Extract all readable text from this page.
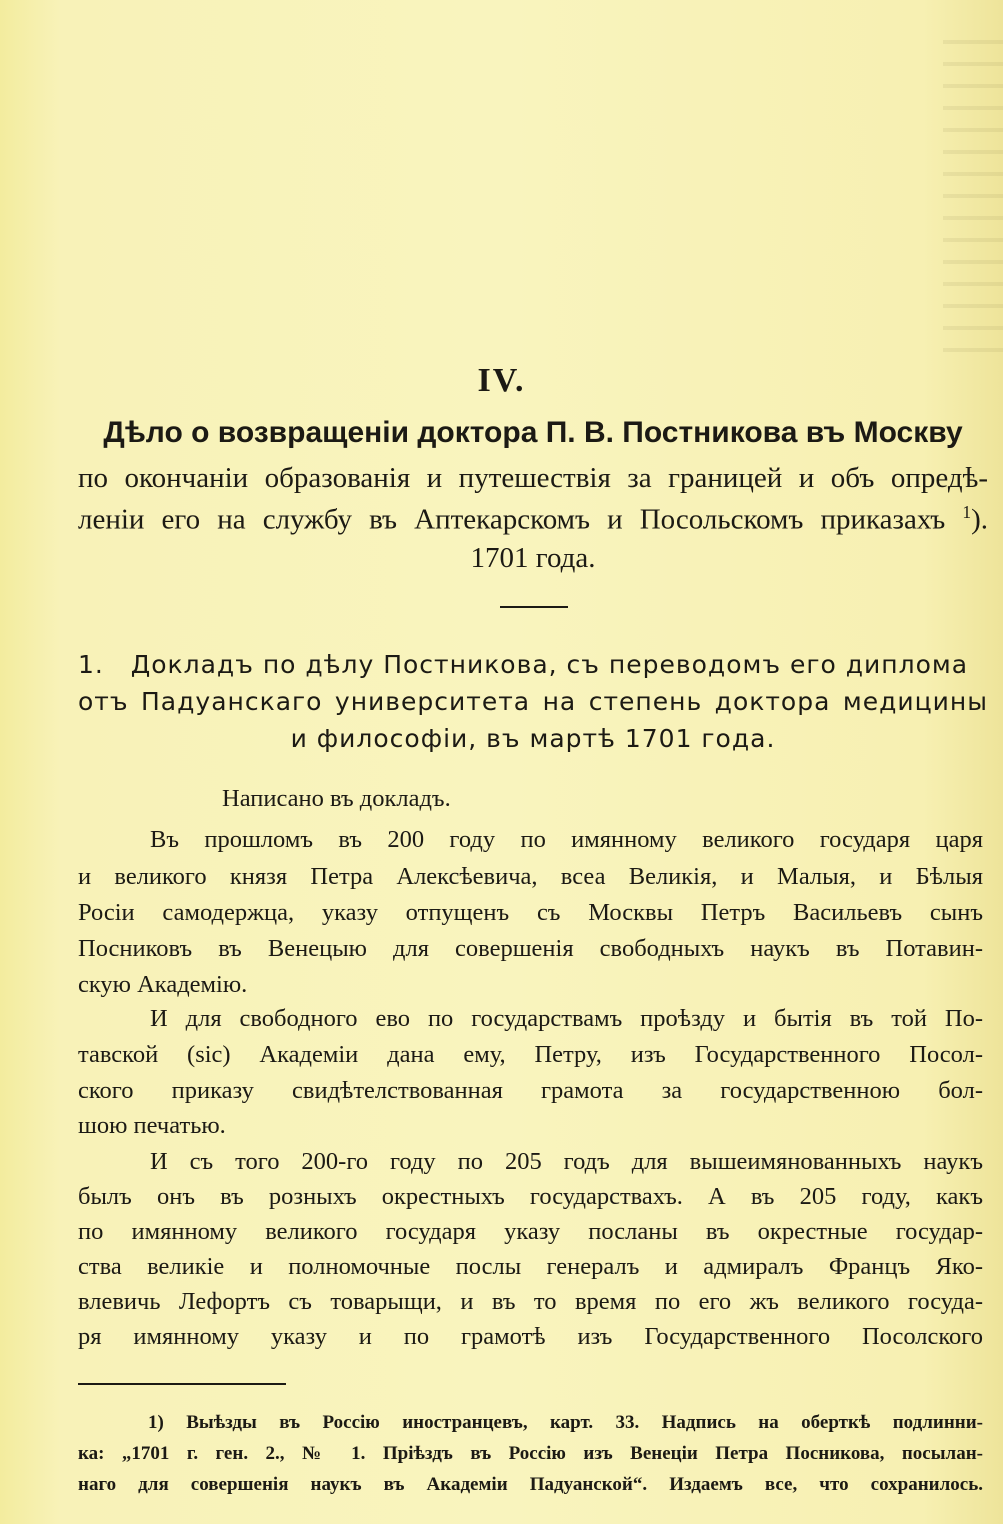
IV.
Дѣло о возвращеніи доктора П. В. Постникова въ Москву
по окончаніи образованія и путешествія за границей и объ опредѣ-
леніи его на службу въ Аптекарскомъ и Посольскомъ приказахъ $^1$).
1701 года.
1. Докладъ по дѣлу Постникова, съ переводомъ его диплома
отъ Падуанскаго университета на степень доктора медицины
и философіи, въ мартѣ 1701 года.
Написано въ докладъ.
Въ прошломъ въ 200 году по имянному великого государя царя
и великого князя Петра Алексѣевича, всеа Великія, и Малыя, и Бѣлыя
Росіи самодержца, указу отпущенъ съ Москвы Петръ Васильевъ сынъ
Посниковъ въ Венецыю для совершенія свободныхъ наукъ въ Потавин-
скую Академію.
И для свободного ево по государствамъ проѣзду и бытія въ той По-
тавской (sic) Академіи дана ему, Петру, изъ Государственного Посол-
ского приказу свидѣтелствованная грамота за государственною бол-
шою печатью.
И съ того 200-го году по 205 годъ для вышеимянованныхъ наукъ
былъ онъ въ розныхъ окрестныхъ государствахъ. А въ 205 году, какъ
по имянному великого государя указу посланы въ окрестные государ-
ства великіе и полномочные послы генералъ и адмиралъ Францъ Яко-
влевичь Лефортъ съ товарыщи, и въ то время по его жъ великого госуда-
ря имянному указу и по грамотѣ изъ Государственного Посолского
1) Выѣзды въ Россію иностранцевъ, карт. 33. Надпись на оберткѣ подлинни-
ка: „1701 г. ген. 2., № 1. Пріѣздъ въ Россію изъ Венеціи Петра Посникова, посылан-
наго для совершенія наукъ въ Академіи Падуанской“. Издаемъ все, что сохранилось.
